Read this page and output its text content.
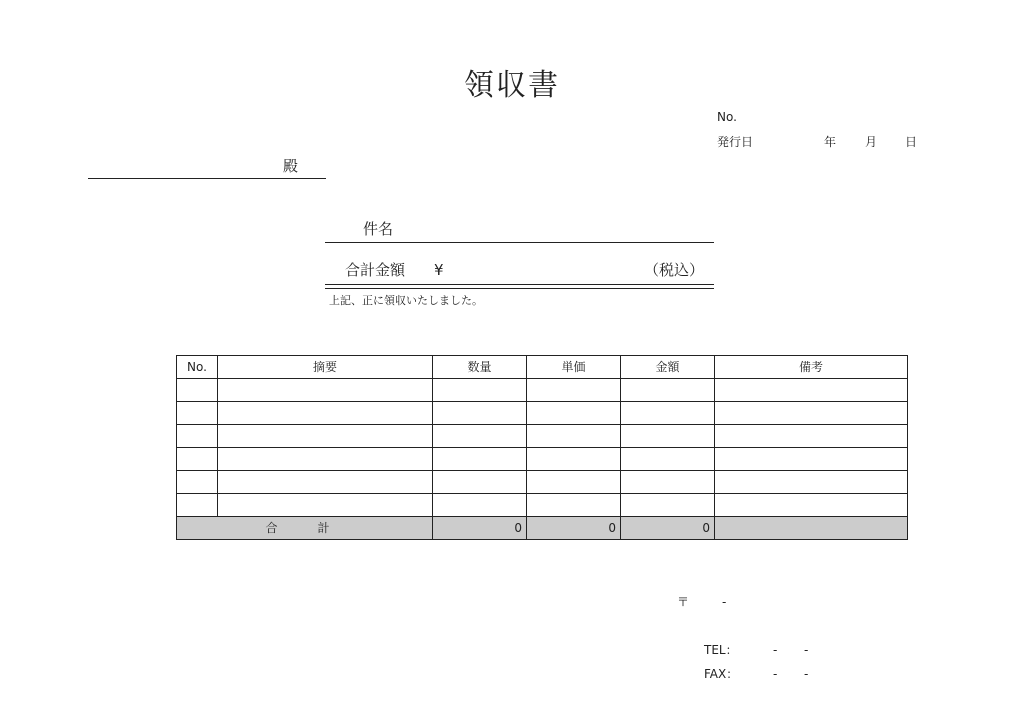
領収書
No.
発行日	年 月 日
殿
件名
合計金額 ¥	（税込）
上記、正に領収いたしました。
No.	摘要	数量	単価	金額	備考

合　計		0	0	0	
〒	-
TEL：	- -
FAX：	- -
